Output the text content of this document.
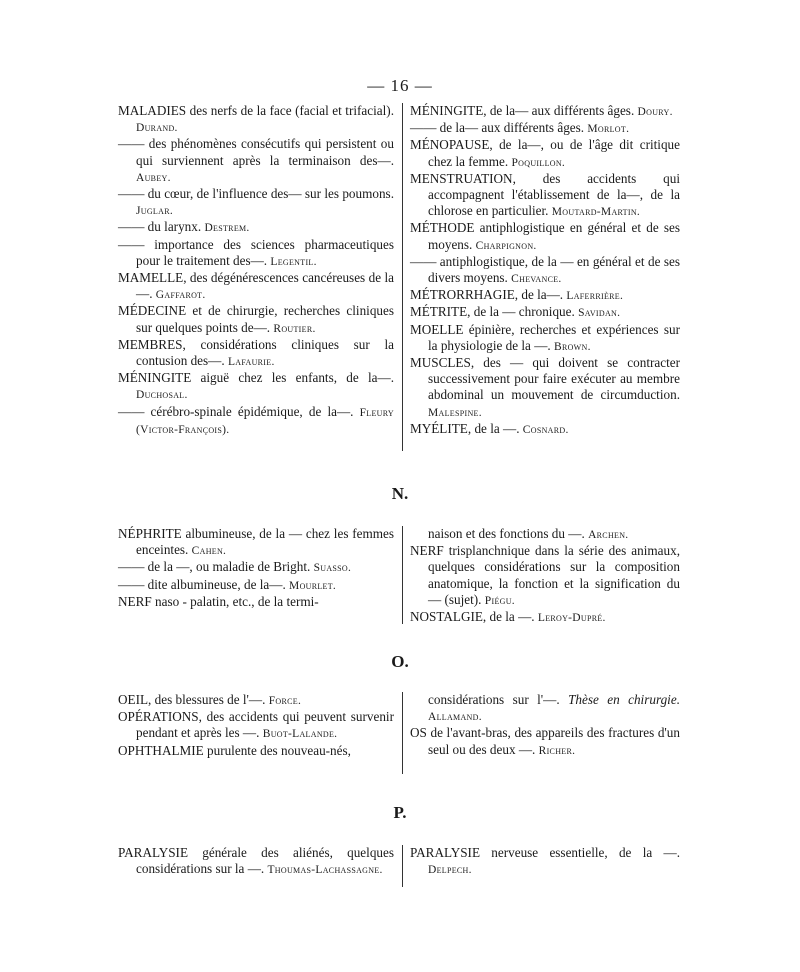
— 16 —

MALADIES des nerfs de la face (facial et trifacial). Durand.

—— des phénomènes consécutifs qui persistent ou qui surviennent après la terminaison des—. Aubey.

—— du cœur, de l'influence des— sur les poumons. Juglar.

—— du larynx. Destrem.

—— importance des sciences pharmaceutiques pour le traitement des—. Legentil.

MAMELLE, des dégénérescences cancéreuses de la—. Gaffarot.

MÉDECINE et de chirurgie, recherches cliniques sur quelques points de—. Routier.

MEMBRES, considérations cliniques sur la contusion des—. Lafaurie.

MÉNINGITE aiguë chez les enfants, de la—. Duchosal.

—— cérébro-spinale épidémique, de la—. Fleury (Victor-François).

MÉNINGITE, de la— aux différents âges. Doury.

—— de la— aux différents âges. Morlot.

MÉNOPAUSE, de la—, ou de l'âge dit critique chez la femme. Poquillon.

MENSTRUATION, des accidents qui accompagnent l'établissement de la—, de la chlorose en particulier. Moutard-Martin.

MÉTHODE antiphlogistique en général et de ses moyens. Charpignon.

—— antiphlogistique, de la — en général et de ses divers moyens. Chevance.

MÉTRORRHAGIE, de la—. Laferrière.

MÉTRITE, de la — chronique. Savidan.

MOELLE épinière, recherches et expériences sur la physiologie de la —. Brown.

MUSCLES, des — qui doivent se contracter successivement pour faire exécuter au membre abdominal un mouvement de circumduction. Malespine.

MYÉLITE, de la —. Cosnard.

N.

NÉPHRITE albumineuse, de la — chez les femmes enceintes. Cahen.

—— de la —, ou maladie de Bright. Suasso.

—— dite albumineuse, de la—. Mourlet.

NERF naso - palatin, etc., de la termi-

naison et des fonctions du —. Archen.

NERF trisplanchnique dans la série des animaux, quelques considérations sur la composition anatomique, la fonction et la signification du — (sujet). Piégu.

NOSTALGIE, de la —. Leroy-Dupré.

O.

OEIL, des blessures de l'—. Force.

OPÉRATIONS, des accidents qui peuvent survenir pendant et après les —. Buot-Lalande.

OPHTHALMIE purulente des nouveau-nés,

considérations sur l'—. Thèse en chirurgie. Allamand.

OS de l'avant-bras, des appareils des fractures d'un seul ou des deux —. Richer.

P.

PARALYSIE générale des aliénés, quelques considérations sur la —. Thoumas-Lachassagne.

PARALYSIE nerveuse essentielle, de la —. Delpech.
